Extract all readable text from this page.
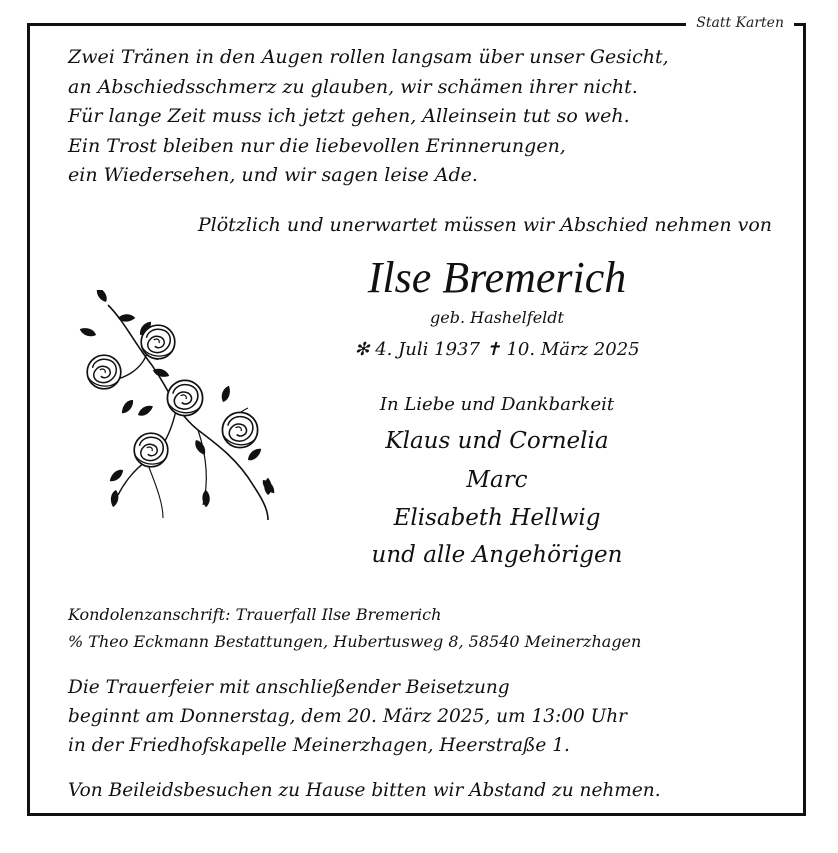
Statt Karten
Zwei Tränen in den Augen rollen langsam über unser Gesicht,
an Abschiedsschmerz zu glauben, wir schämen ihrer nicht.
Für lange Zeit muss ich jetzt gehen, Alleinsein tut so weh.
Ein Trost bleiben nur die liebevollen Erinnerungen,
ein Wiedersehen, und wir sagen leise Ade.
Plötzlich und unerwartet müssen wir Abschied nehmen von
Ilse Bremerich
geb. Hashelfeldt
✻ 4. Juli 1937 ✝ 10. März 2025
In Liebe und Dankbarkeit
Klaus und Cornelia
Marc
Elisabeth Hellwig
und alle Angehörigen
Kondolenzanschrift: Trauerfall Ilse Bremerich
% Theo Eckmann Bestattungen, Hubertusweg 8, 58540 Meinerzhagen
Die Trauerfeier mit anschließender Beisetzung
beginnt am Donnerstag, dem 20. März 2025, um 13:00 Uhr
in der Friedhofskapelle Meinerzhagen, Heerstraße 1.
Von Beileidsbesuchen zu Hause bitten wir Abstand zu nehmen.
